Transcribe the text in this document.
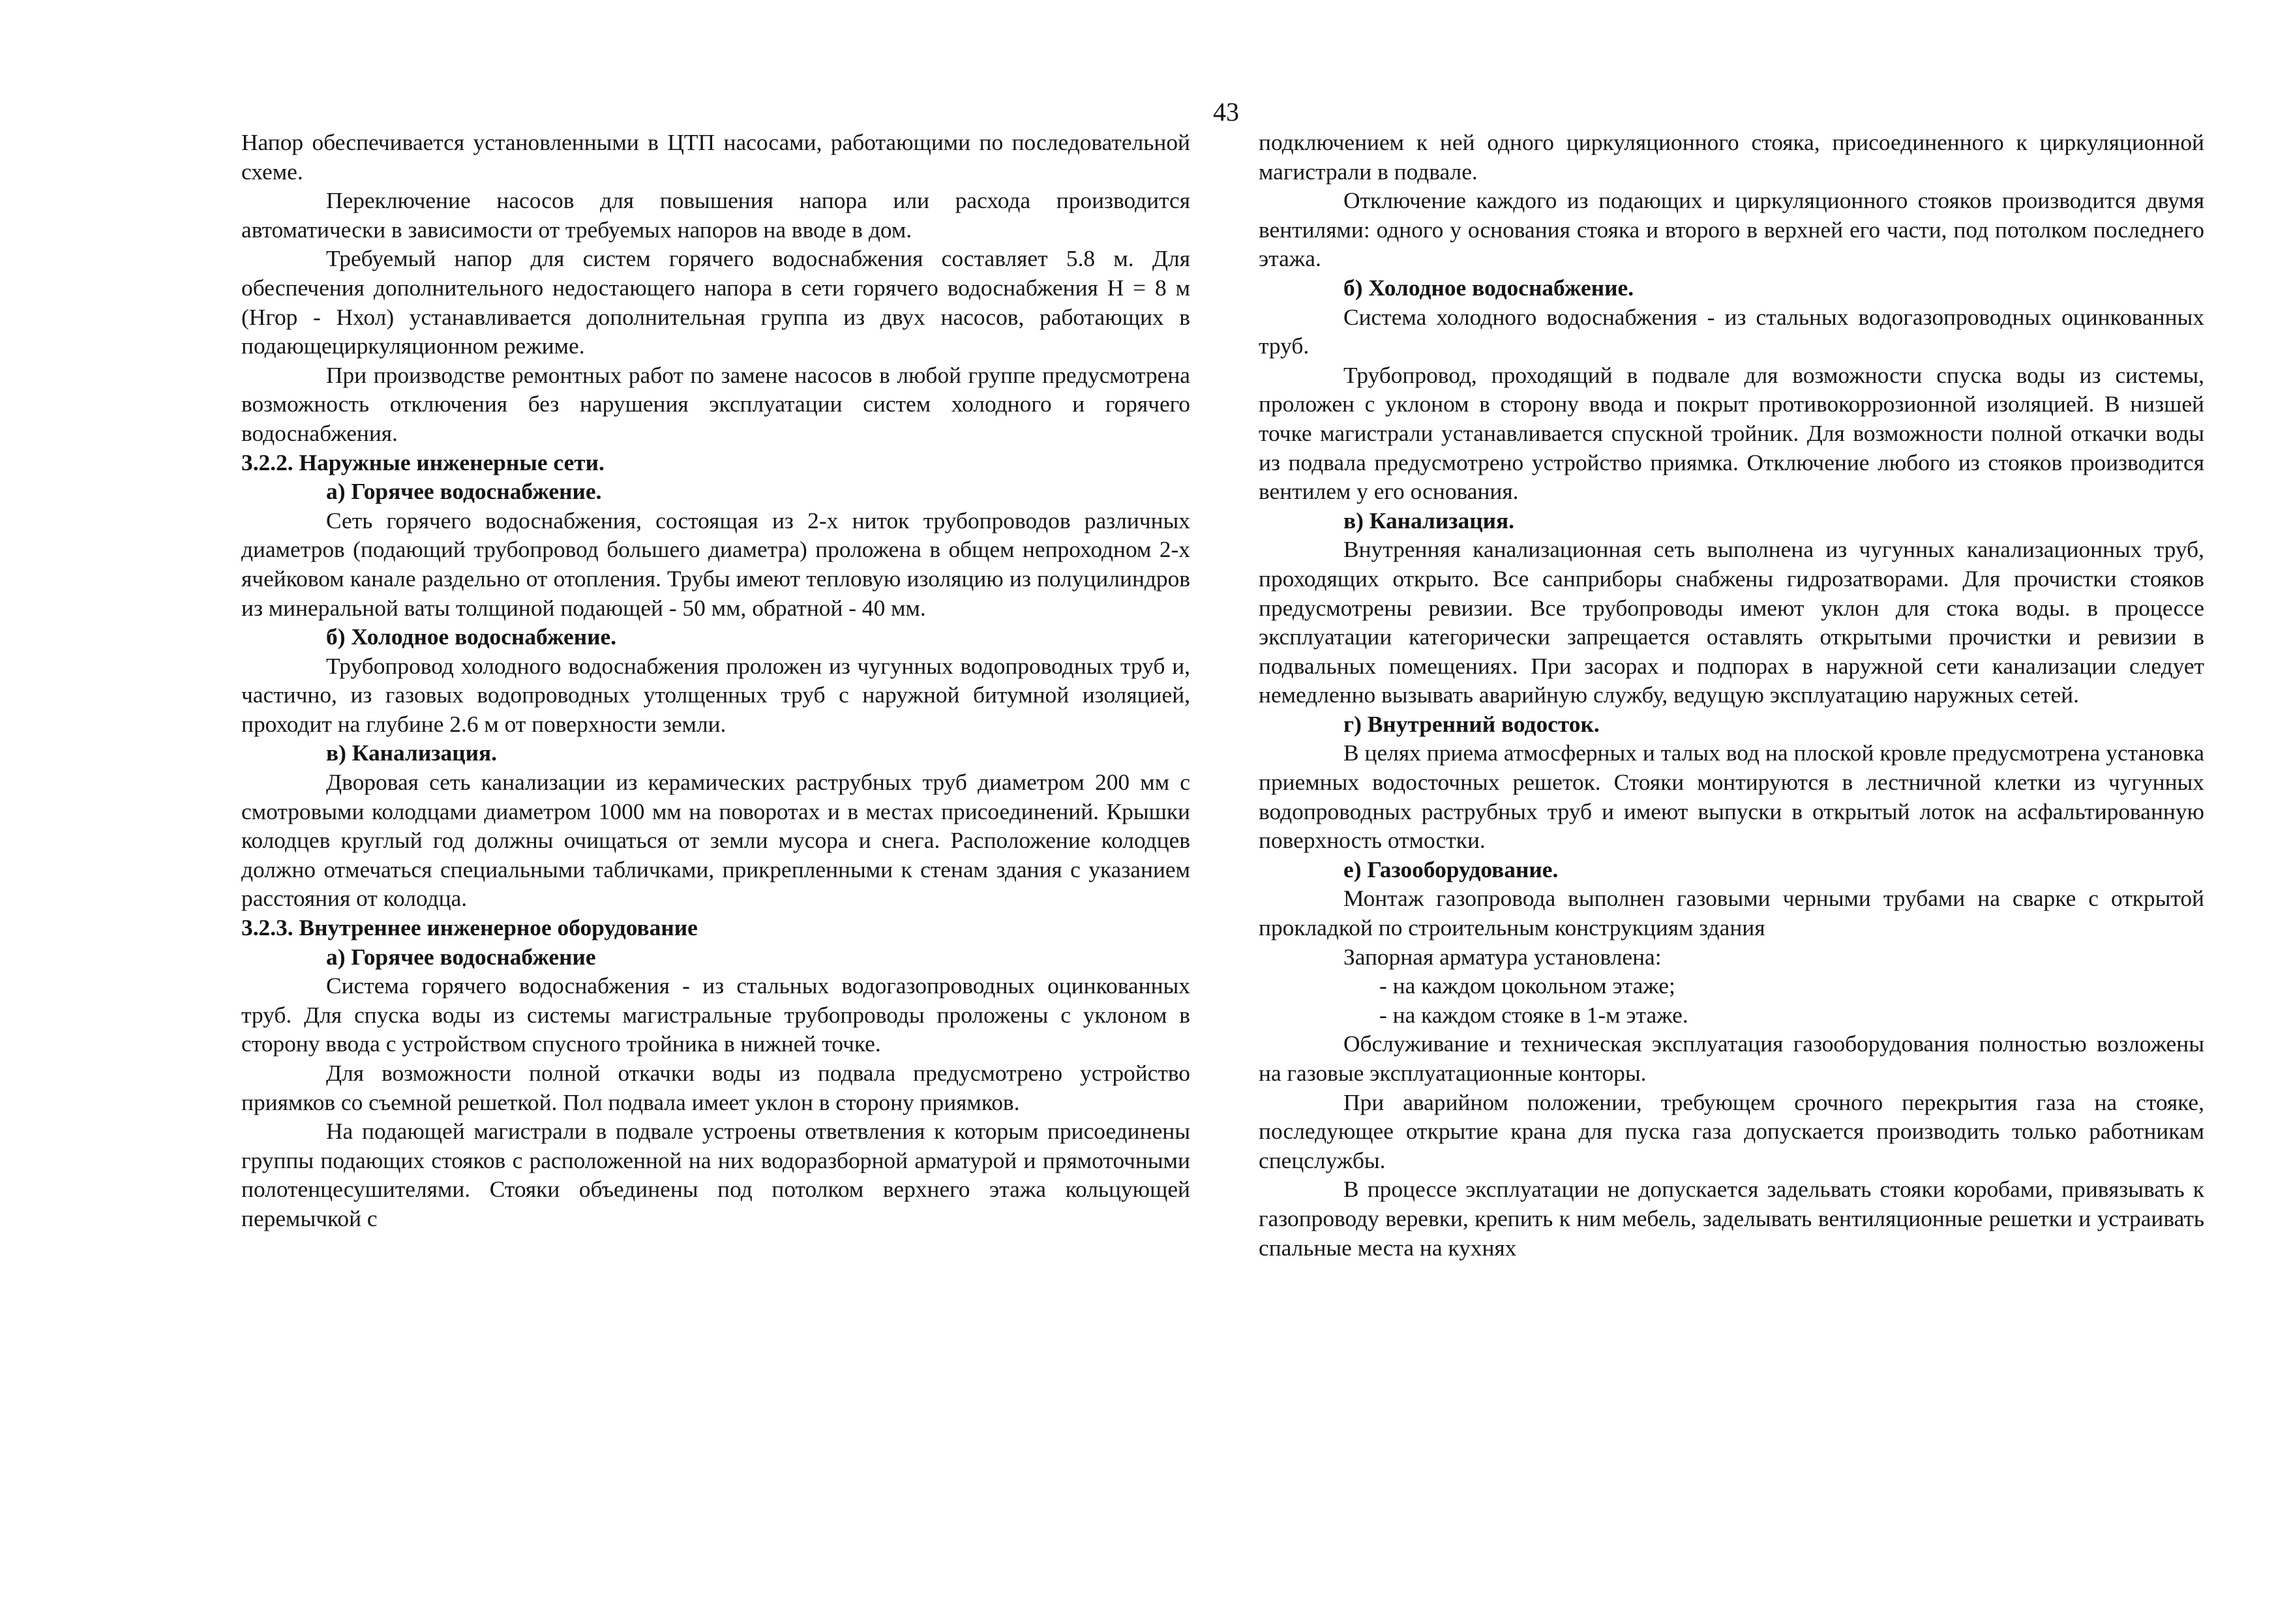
43

Напор обеспечивается установленными в ЦТП насосами, работающими по последовательной схеме.

Переключение насосов для повышения напора или расхода производится автоматически в зависимости от требуемых напоров на вводе в дом.

Требуемый напор для систем горячего водоснабжения составляет 5.8 м. Для обеспечения дополнительного недостающего напора в сети горячего водоснабжения Н = 8 м (Нгор - Нхол) устанавливается дополнительная группа из двух насосов, работающих в подающециркуляционном режиме.

При производстве ремонтных работ по замене насосов в любой группе предусмотрена возможность отключения без нарушения эксплуатации систем холодного и горячего водоснабжения.

3.2.2. Наружные инженерные сети.

а) Горячее водоснабжение.

Сеть горячего водоснабжения, состоящая из 2-х ниток трубопроводов различных диаметров (подающий трубопровод большего диаметра) проложена в общем непроходном 2-х ячейковом канале раздельно от отопления. Трубы имеют тепловую изоляцию из полуцилиндров из минеральной ваты толщиной подающей - 50 мм, обратной - 40 мм.

б) Холодное водоснабжение.

Трубопровод холодного водоснабжения проложен из чугунных водопроводных труб и, частично, из газовых водопроводных утолщенных труб с наружной битумной изоляцией, проходит на глубине 2.6 м от поверхности земли.

в) Канализация.

Дворовая сеть канализации из керамических раструбных труб диаметром 200 мм с смотровыми колодцами диаметром 1000 мм на поворотах и в местах присоединений. Крышки колодцев круглый год должны очищаться от земли мусора и снега. Расположение колодцев должно отмечаться специальными табличками, прикрепленными к стенам здания с указанием расстояния от колодца.

3.2.3. Внутреннее инженерное оборудование

а) Горячее водоснабжение

Система горячего водоснабжения - из стальных водогазопроводных оцинкованных труб. Для спуска воды из системы магистральные трубопроводы проложены с уклоном в сторону ввода с устройством спусного тройника в нижней точке.

Для возможности полной откачки воды из подвала предусмотрено устройство приямков со съемной решеткой. Пол подвала имеет уклон в сторону приямков.

На подающей магистрали в подвале устроены ответвления к которым присоединены группы подающих стояков с расположенной на них водоразборной арматурой и прямоточными полотенцесушителями. Стояки объединены под потолком верхнего этажа кольцующей перемычкой с

подключением к ней одного циркуляционного стояка, присоединенного к циркуляционной магистрали в подвале.

Отключение каждого из подающих и циркуляционного стояков производится двумя вентилями: одного у основания стояка и второго в верхней его части, под потолком последнего этажа.

б) Холодное водоснабжение.

Система холодного водоснабжения - из стальных водогазопроводных оцинкованных труб.

Трубопровод, проходящий в подвале для возможности спуска воды из системы, проложен с уклоном в сторону ввода и покрыт противокоррозионной изоляцией. В низшей точке магистрали устанавливается спускной тройник. Для возможности полной откачки воды из подвала предусмотрено устройство приямка. Отключение любого из стояков производится вентилем у его основания.

в) Канализация.

Внутренняя канализационная сеть выполнена из чугунных канализационных труб, проходящих открыто. Все санприборы снабжены гидрозатворами. Для прочистки стояков предусмотрены ревизии. Все трубопроводы имеют уклон для стока воды. в процессе эксплуатации категорически запрещается оставлять открытыми прочистки и ревизии в подвальных помещениях. При засорах и подпорах в наружной сети канализации следует немедленно вызывать аварийную службу, ведущую эксплуатацию наружных сетей.

г) Внутренний водосток.

В целях приема атмосферных и талых вод на плоской кровле предусмотрена установка приемных водосточных решеток. Стояки монтируются в лестничной клетки из чугунных водопроводных раструбных труб и имеют выпуски в открытый лоток на асфальтированную поверхность отмостки.

е) Газооборудование.

Монтаж газопровода выполнен газовыми черными трубами на сварке с открытой прокладкой по строительным конструкциям здания

Запорная арматура установлена:

- на каждом цокольном этаже;

- на каждом стояке в 1-м этаже.

Обслуживание и техническая эксплуатация газооборудования полностью возложены на газовые эксплуатационные конторы.

При аварийном положении, требующем срочного перекрытия газа на стояке, последующее открытие крана для пуска газа допускается производить только работникам спецслужбы.

В процессе эксплуатации не допускается задельвать стояки коробами, привязывать к газопроводу веревки, крепить к ним мебель, заделывать вентиляционные решетки и устраивать спальные места на кухнях
